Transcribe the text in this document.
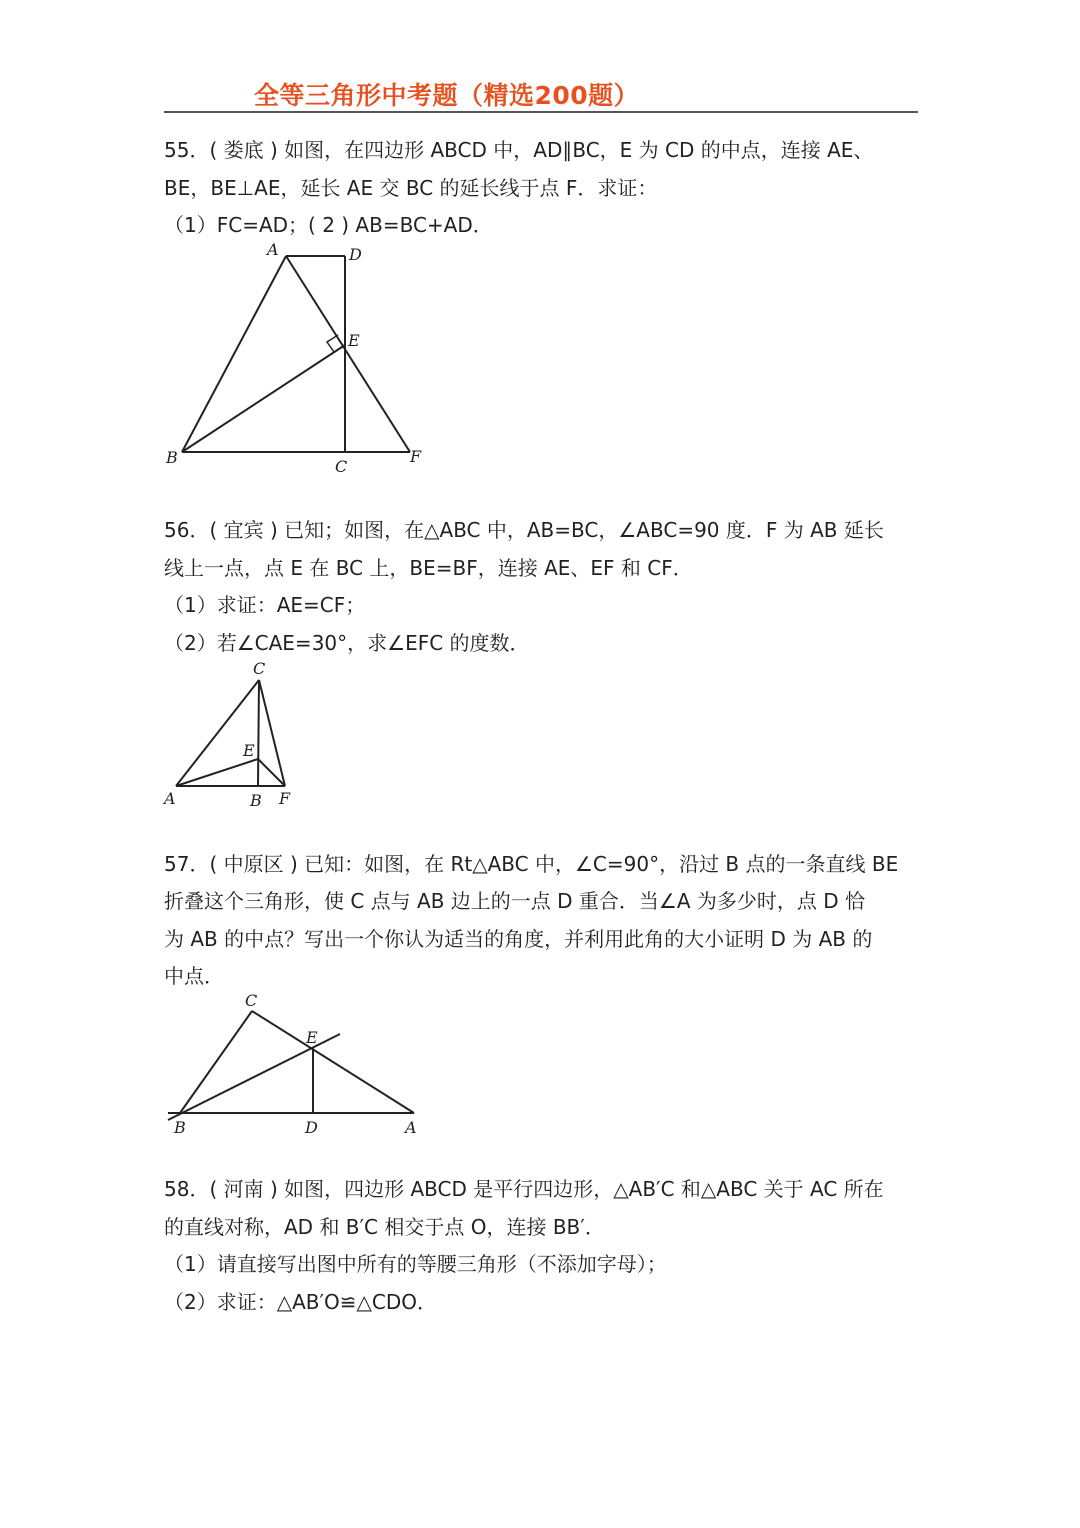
全等三角形中考题（精选200题）
55．( 娄底 ) 如图，在四边形 ABCD 中，AD∥BC，E 为 CD 的中点，连接 AE、
BE，BE⊥AE，延长 AE 交 BC 的延长线于点 F．求证：
（1）FC=AD；( 2 ) AB=BC+AD．
A	D
E
B	C
F
56．( 宜宾 ) 已知；如图，在△ABC 中，AB=BC，∠ABC=90 度．F 为 AB 延长
线上一点，点 E 在 BC 上，BE=BF，连接 AE、EF 和 CF．
（1）求证：AE=CF；
（2）若∠CAE=30°，求∠EFC 的度数．
C
E
A	B F
57．( 中原区 ) 已知：如图，在 Rt△ABC 中，∠C=90°，沿过 B 点的一条直线 BE
折叠这个三角形，使 C 点与 AB 边上的一点 D 重合．当∠A 为多少时，点 D 恰
为 AB 的中点？写出一个你认为适当的角度，并利用此角的大小证明 D 为 AB 的
中点．
C
E
B	D	A
58．( 河南 ) 如图，四边形 ABCD 是平行四边形，△AB′C 和△ABC 关于 AC 所在
的直线对称，AD 和 B′C 相交于点 O，连接 BB′．
（1）请直接写出图中所有的等腰三角形（不添加字母）；
（2）求证：△AB′O≌△CDO．
